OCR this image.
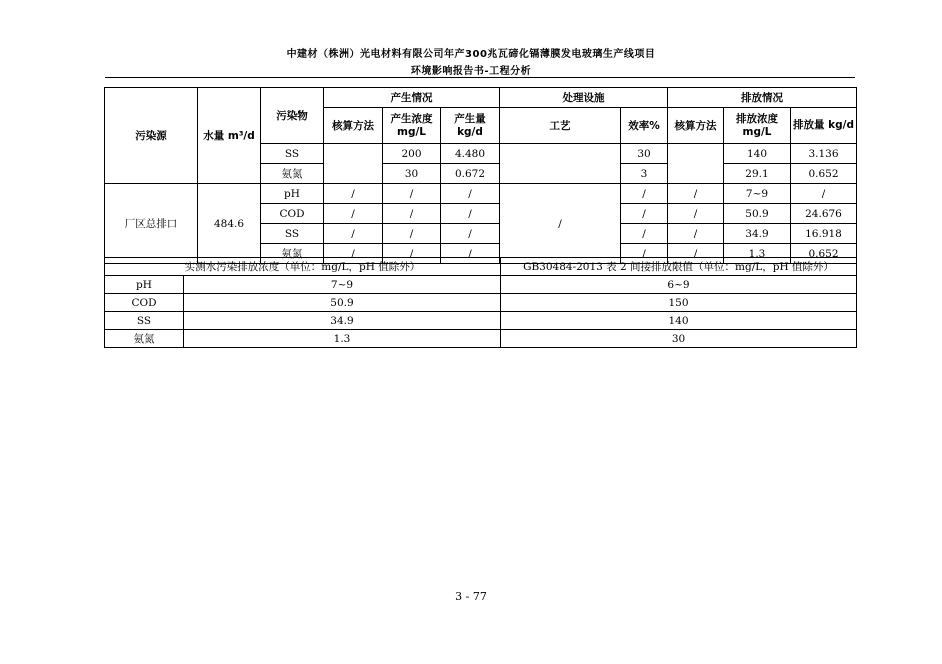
中建材（株洲）光电材料有限公司年产300兆瓦碲化镉薄膜发电玻璃生产线项目
环境影响报告书-工程分析
污染源	水量 m³/d	污染物	产生情况			处理设施		排放情况		
			核算方法	产生浓度 mg/L	产生量 kg/d	工艺	效率%	核算方法	排放浓度 mg/L	排放量 kg/d
		SS		200	4.480		30		140	3.136
		氨氮		30	0.672		3		29.1	0.652
厂区总排口	484.6	pH	/	/	/	/	/	/	7~9	/
		COD	/	/	/		/	/	50.9	24.676
		SS	/	/	/		/	/	34.9	16.918
		氨氮	/	/	/		/	/	1.3	0.652
实测水污染排放浓度（单位：mg/L，pH 值除外）		GB30484-2013 表 2 间接排放限值（单位：mg/L，pH 值除外）
pH	7~9	6~9
COD	50.9	150
SS	34.9	140
氨氮	1.3	30
3 - 77
